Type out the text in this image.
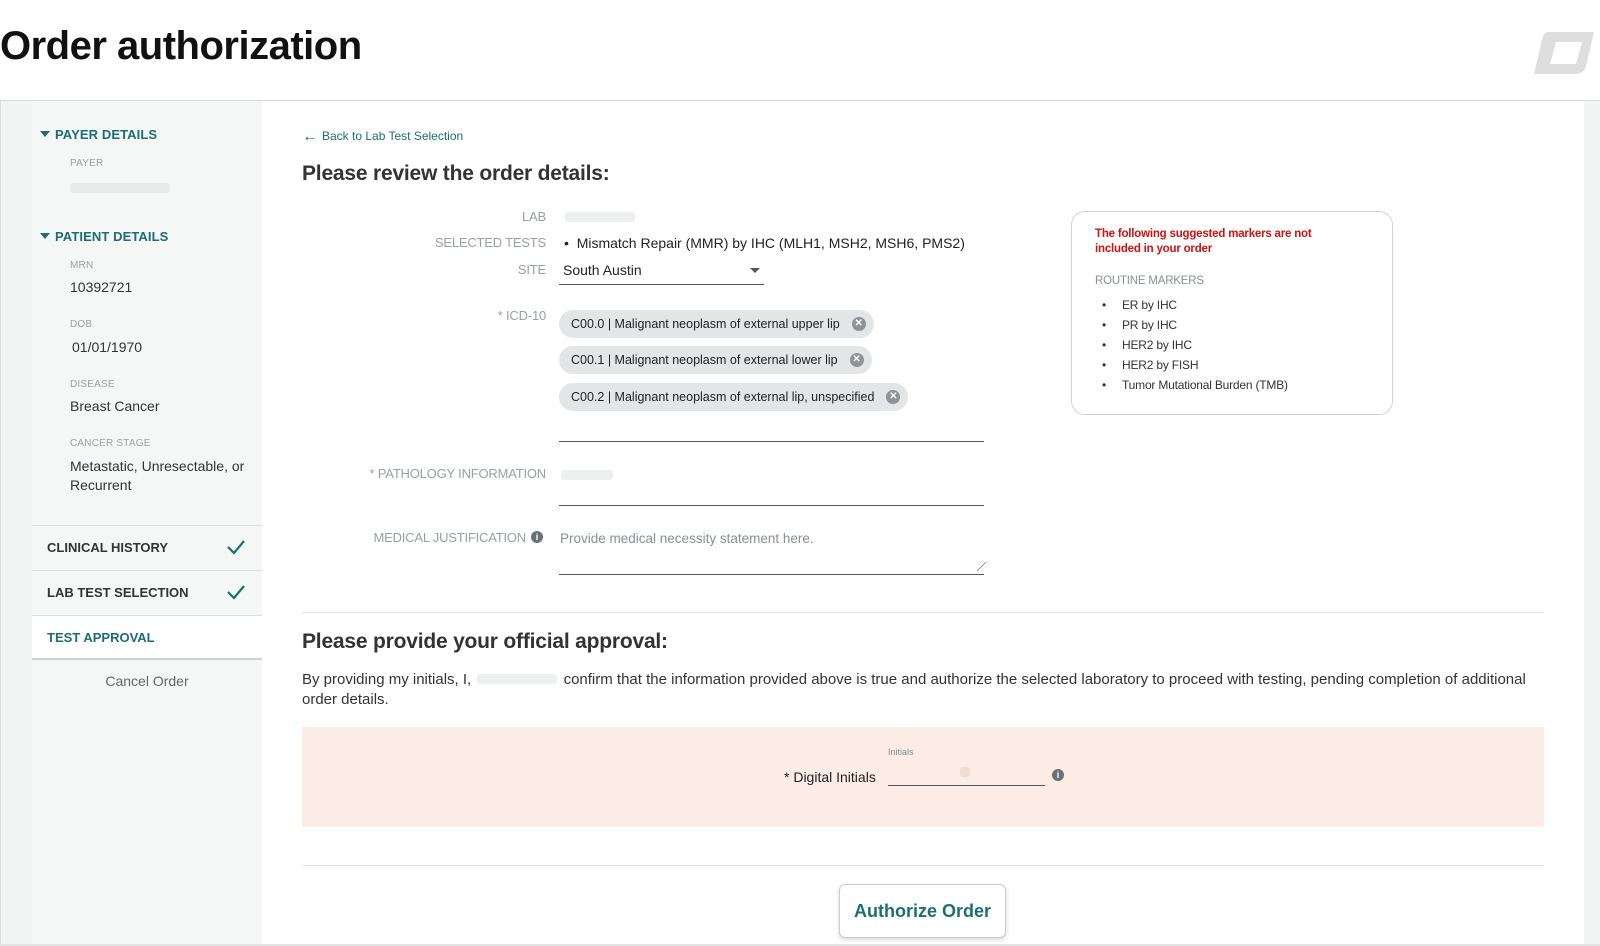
Order authorization
PAYER DETAILS
PAYER
PATIENT DETAILS
MRN
10392721
DOB
01/01/1970
DISEASE
Breast Cancer
CANCER STAGE
Metastatic, Unresectable, or Recurrent
CLINICAL HISTORY
LAB TEST SELECTION
TEST APPROVAL
Cancel Order
← Back to Lab Test Selection
Please review the order details:
LAB
SELECTED TESTS •  Mismatch Repair (MMR) by IHC (MLH1, MSH2, MSH6, PMS2)
SITE South Austin
* ICD-10
C00.0 | Malignant neoplasm of external upper lip ✕
C00.1 | Malignant neoplasm of external lower lip ✕
C00.2 | Malignant neoplasm of external lip, unspecified ✕
* PATHOLOGY INFORMATION
MEDICAL JUSTIFICATION	i	Provide medical necessity statement here.
The following suggested markers are not included in your order
ROUTINE MARKERS
• ER by IHC
• PR by IHC
• HER2 by IHC
• HER2 by FISH
• Tumor Mutational Burden (TMB)
Please provide your official approval:
By providing my initials, I,	confirm that the information provided above is true and authorize the selected laboratory to proceed with testing, pending completion of additional order details.
Initials
* Digital Initials	i
Authorize Order
